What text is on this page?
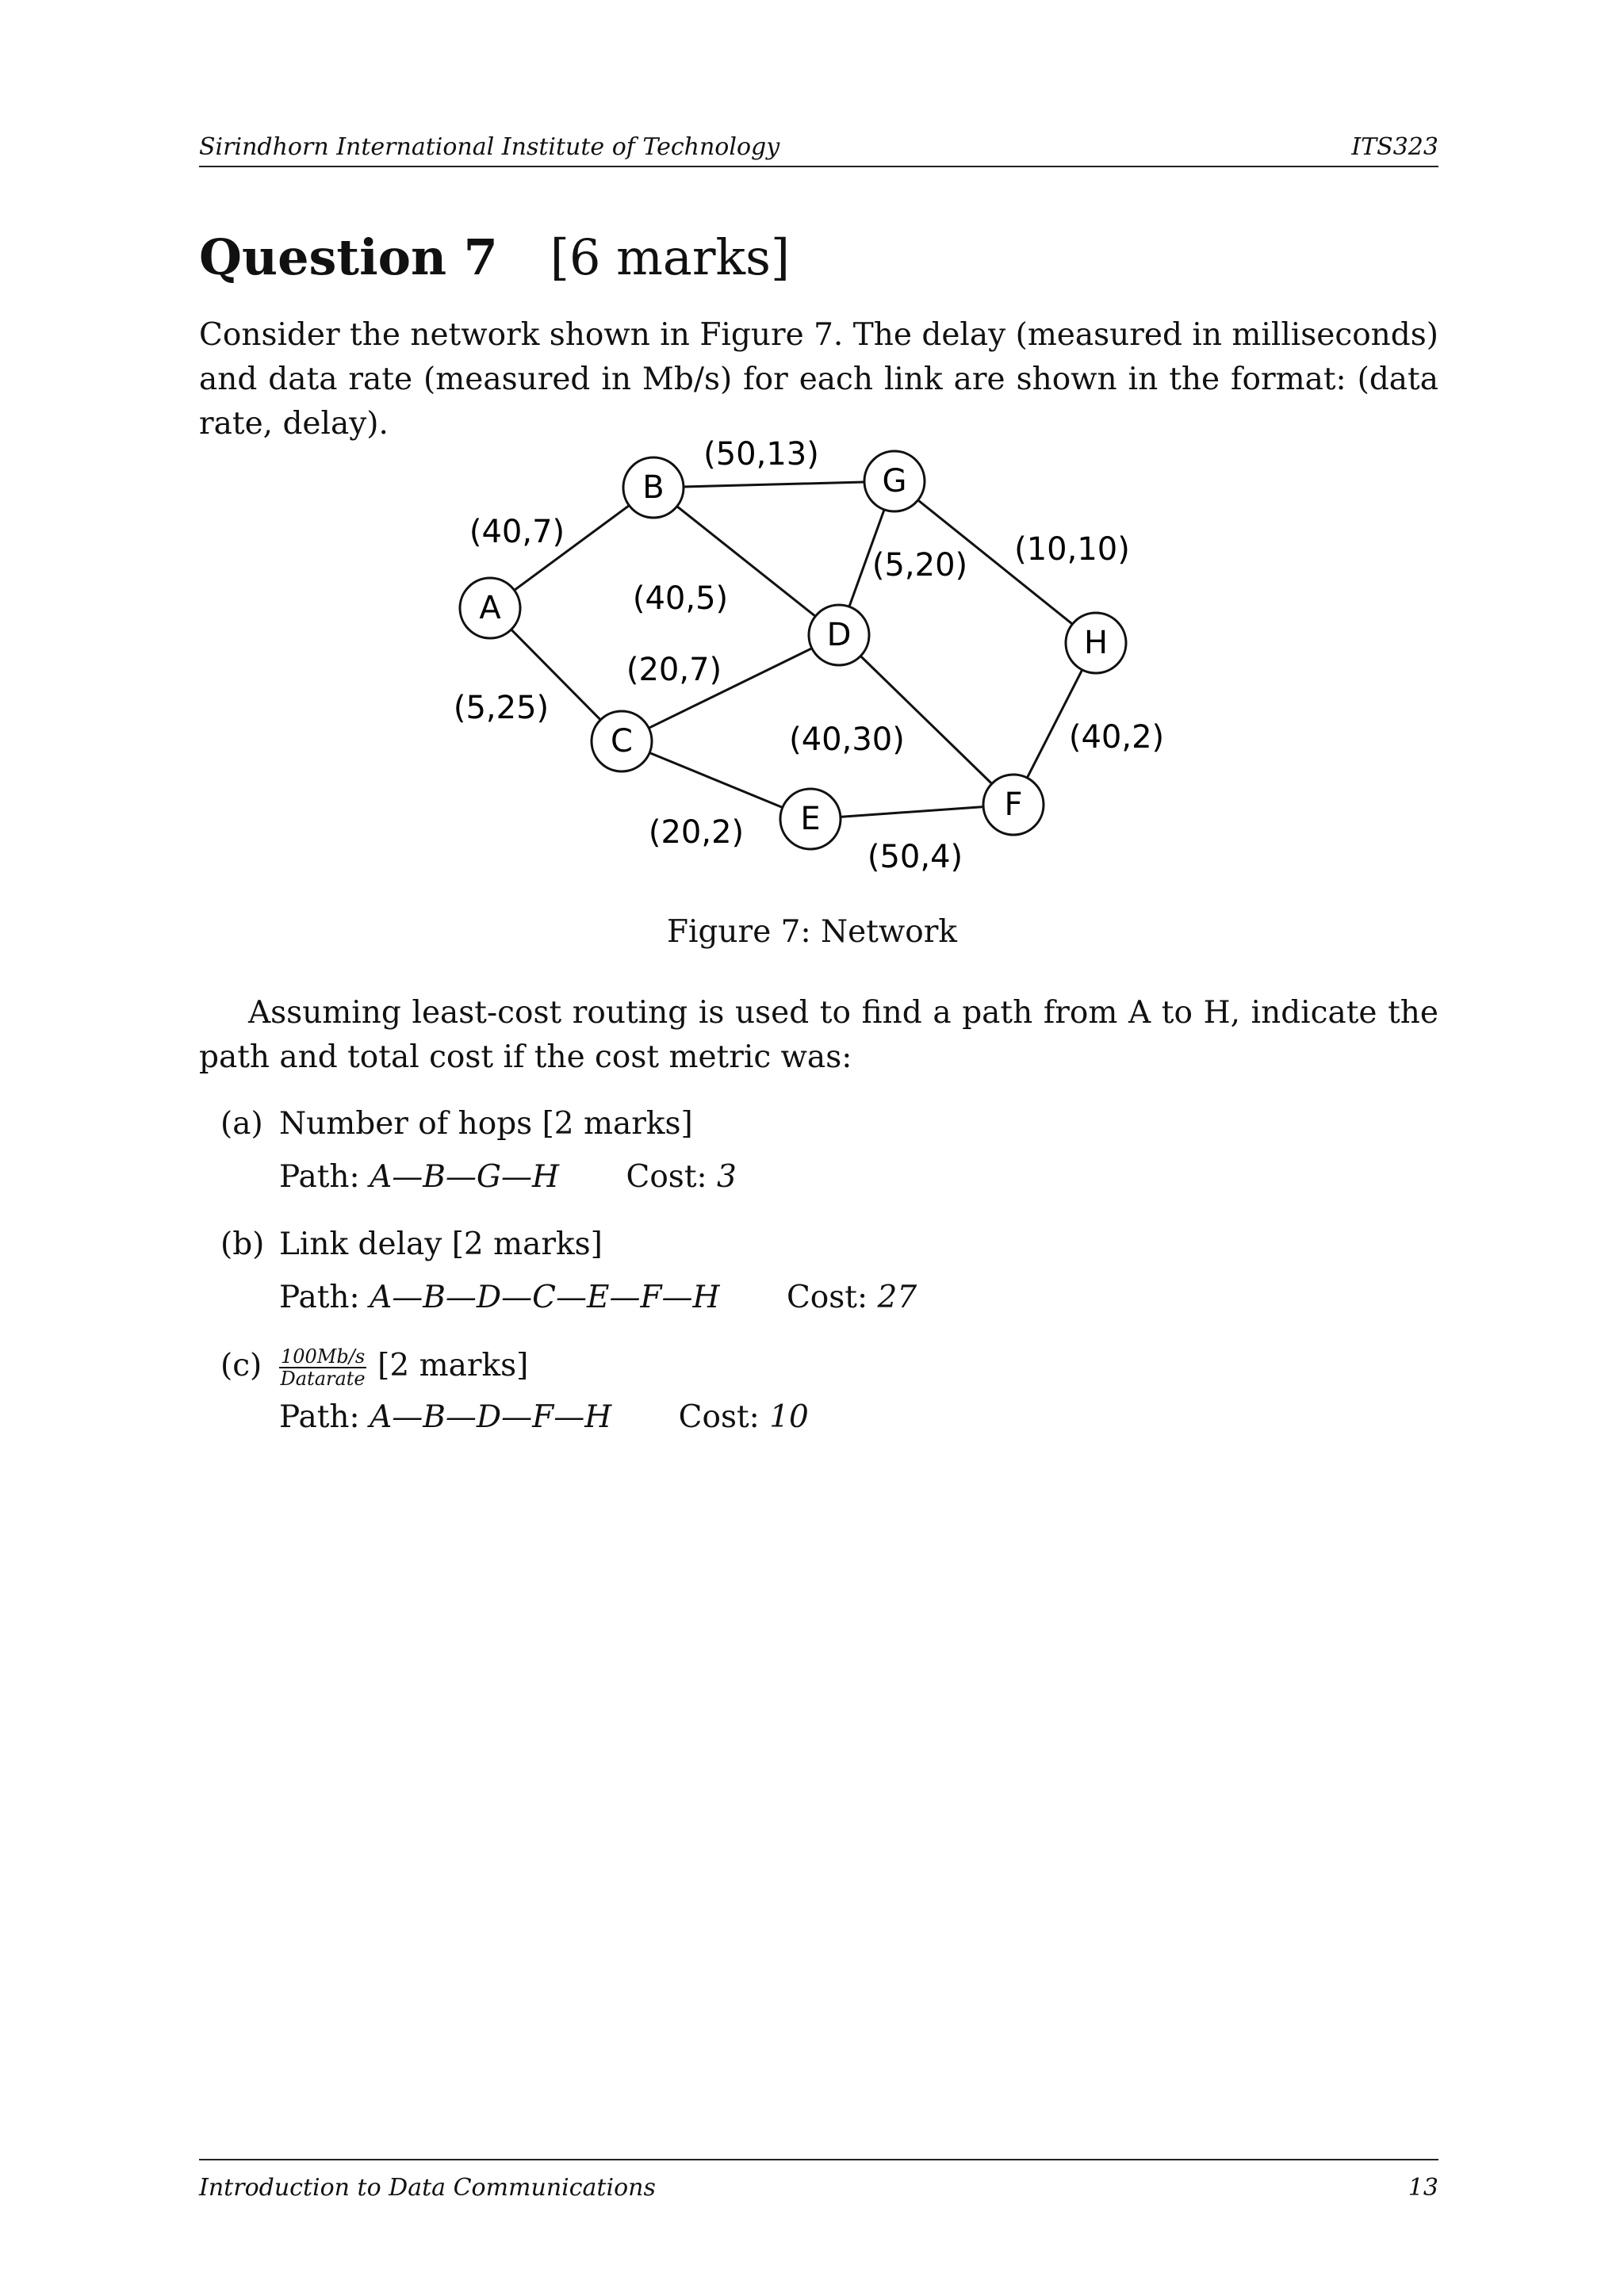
Sirindhorn International Institute of Technology	ITS323
Question 7 [6 marks]
Consider the network shown in Figure 7. The delay (measured in milliseconds) and data rate (measured in Mb/s) for each link are shown in the format: (data rate, delay).
A
B
C
D
E	F
G
H
(40,7)
(5,25)
(50,13)
(40,5)
(5,20) (10,10)
(20,7)
(40,30)
(20,2)
(50,4)
(40,2)
Figure 7: Network
Assuming least-cost routing is used to find a path from A to H, indicate the path and total cost if the cost metric was:
(a) Number of hops [2 marks]
Path: A—B—G—H Cost: 3
(b) Link delay [2 marks]
Path: A—B—D—C—E—F—H Cost: 27
$(c) \frac{100Mb/s}{\text{Datarate}} [2$ marks]
Path: A—B—D—F—H Cost: 10
Introduction to Data Communications	13
